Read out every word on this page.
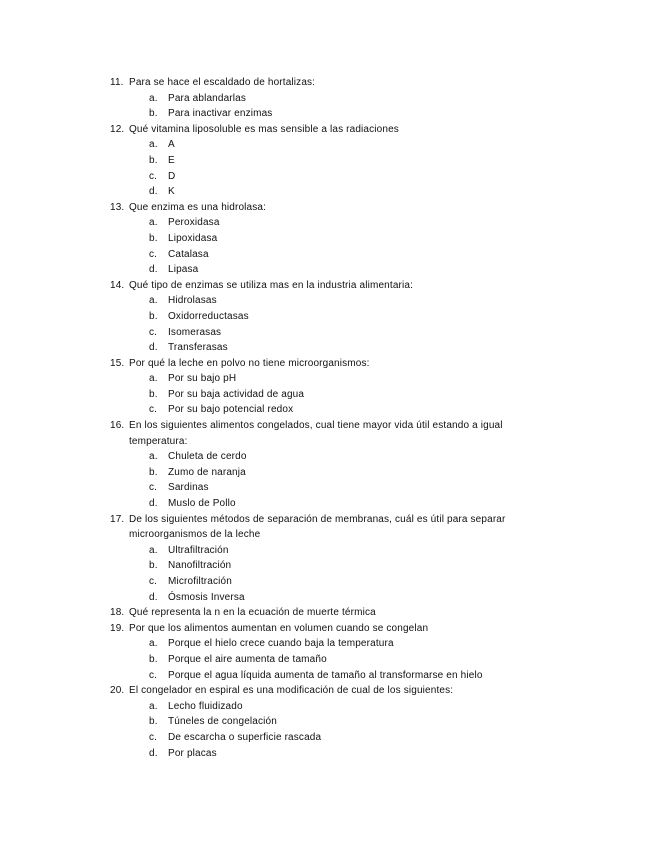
11. Para se hace el escaldado de hortalizas:
a. Para ablandarlas
b. Para inactivar enzimas
12. Qué vitamina liposoluble es mas sensible a las radiaciones
a. A
b. E
c. D
d. K
13. Que enzima es una hidrolasa:
a. Peroxidasa
b. Lipoxidasa
c. Catalasa
d. Lipasa
14. Qué tipo de enzimas se utiliza mas en la industria alimentaria:
a. Hidrolasas
b. Oxidorreductasas
c. Isomerasas
d. Transferasas
15. Por qué la leche en polvo no tiene microorganismos:
a. Por su bajo pH
b. Por su baja actividad de agua
c. Por su bajo potencial redox
16. En los siguientes alimentos congelados, cual tiene mayor vida útil estando a igual
temperatura:
a. Chuleta de cerdo
b. Zumo de naranja
c. Sardinas
d. Muslo de Pollo
17. De los siguientes métodos de separación de membranas, cuál es útil para separar
microorganismos de la leche
a. Ultrafiltración
b. Nanofiltración
c. Microfiltración
d. Ósmosis Inversa
18. Qué representa la n en la ecuación de muerte térmica
19. Por que los alimentos aumentan en volumen cuando se congelan
a. Porque el hielo crece cuando baja la temperatura
b. Porque el aire aumenta de tamaño
c. Porque el agua líquida aumenta de tamaño al transformarse en hielo
20. El congelador en espiral es una modificación de cual de los siguientes:
a. Lecho fluidizado
b. Túneles de congelación
c. De escarcha o superficie rascada
d. Por placas
